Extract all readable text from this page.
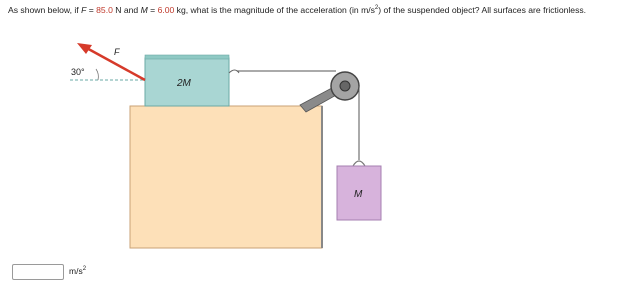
As shown below, if F = 85.0 N and M = 6.00 kg, what is the magnitude of the acceleration (in $m/s^2$) of the suspended object? All surfaces are frictionless.
F
30°
2M
M
$m/s^2$
